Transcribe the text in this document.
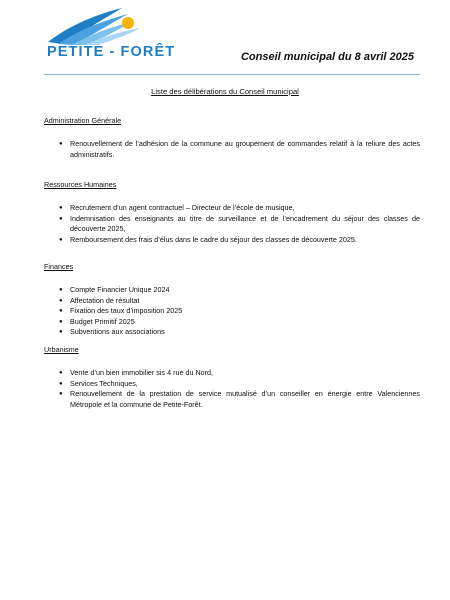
PETITE - FORÊT	Conseil municipal du 8 avril 2025
Liste des délibérations du Conseil municipal
Administration Générale
● Renouvellement de l’adhésion de la commune au groupement de commandes relatif à la reliure des actes administratifs.
Ressources Humaines
● Recrutement d’un agent contractuel – Directeur de l’école de musique,
● Indemnisation des enseignants au titre de surveillance et de l’encadrement du séjour des classes de découverte 2025,
● Remboursement des frais d’élus dans le cadre du séjour des classes de découverte 2025.
Finances
● Compte Financier Unique 2024
● Affectation de résultat
● Fixation des taux d’imposition 2025
● Budget Primitif 2025
● Subventions aux associations
Urbanisme
● Vente d’un bien immobilier sis 4 rue du Nord,
● Services Techniques,
● Renouvellement de la prestation de service mutualisé d’un conseiller en énergie entre Valenciennes Métropole et la commune de Petite-Forêt.
